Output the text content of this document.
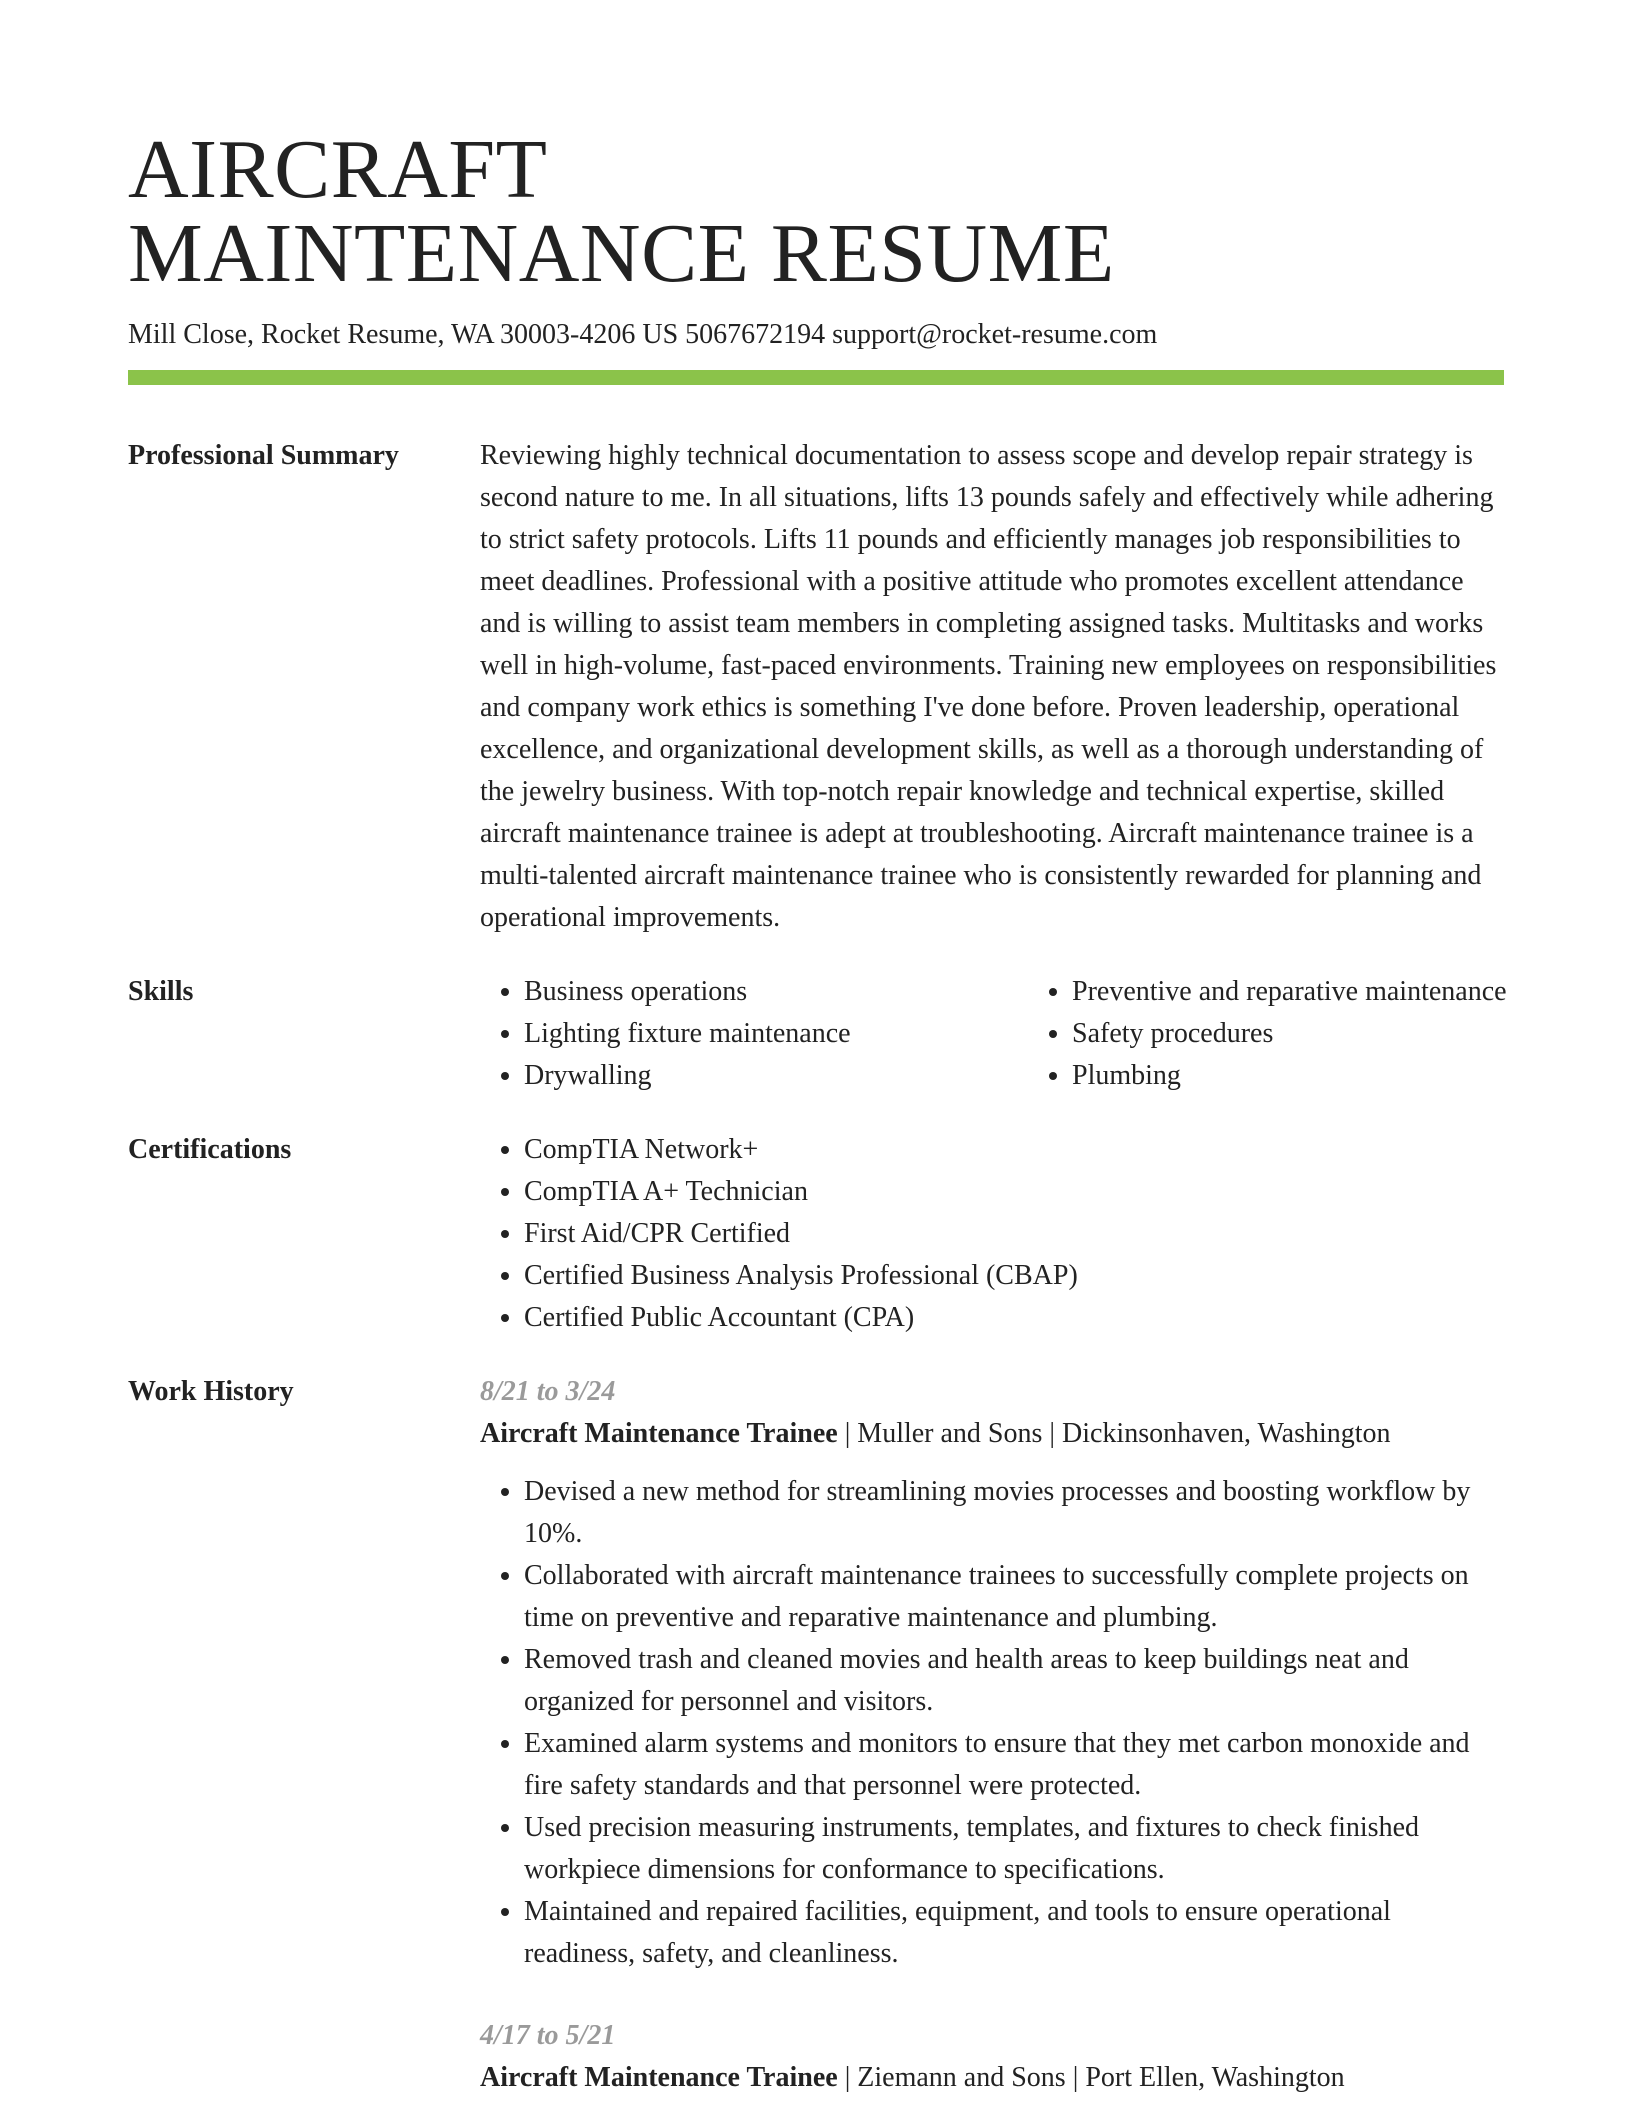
AIRCRAFT
MAINTENANCE RESUME
Mill Close, Rocket Resume, WA 30003-4206 US 5067672194 support@rocket-resume.com
Professional Summary	Reviewing highly technical documentation to assess scope and develop repair strategy is second nature to me. In all situations, lifts 13 pounds safely and effectively while adhering to strict safety protocols. Lifts 11 pounds and efficiently manages job responsibilities to meet deadlines. Professional with a positive attitude who promotes excellent attendance and is willing to assist team members in completing assigned tasks. Multitasks and works well in high-volume, fast-paced environments. Training new employees on responsibilities and company work ethics is something I've done before. Proven leadership, operational excellence, and organizational development skills, as well as a thorough understanding of the jewelry business. With top-notch repair knowledge and technical expertise, skilled aircraft maintenance trainee is adept at troubleshooting. Aircraft maintenance trainee is a multi-talented aircraft maintenance trainee who is consistently rewarded for planning and operational improvements.
Skills	• Business operations
• Lighting fixture maintenance
• Drywalling
• Preventive and reparative maintenance
• Safety procedures
• Plumbing
Certifications	• CompTIA Network+
• CompTIA A+ Technician
• First Aid/CPR Certified
• Certified Business Analysis Professional (CBAP)
• Certified Public Accountant (CPA)
Work History	8/21 to 3/24
Aircraft Maintenance Trainee | Muller and Sons | Dickinsonhaven, Washington
• Devised a new method for streamlining movies processes and boosting workflow by 10%.
• Collaborated with aircraft maintenance trainees to successfully complete projects on time on preventive and reparative maintenance and plumbing.
• Removed trash and cleaned movies and health areas to keep buildings neat and organized for personnel and visitors.
• Examined alarm systems and monitors to ensure that they met carbon monoxide and fire safety standards and that personnel were protected.
• Used precision measuring instruments, templates, and fixtures to check finished workpiece dimensions for conformance to specifications.
• Maintained and repaired facilities, equipment, and tools to ensure operational readiness, safety, and cleanliness.
4/17 to 5/21
Aircraft Maintenance Trainee | Ziemann and Sons | Port Ellen, Washington
